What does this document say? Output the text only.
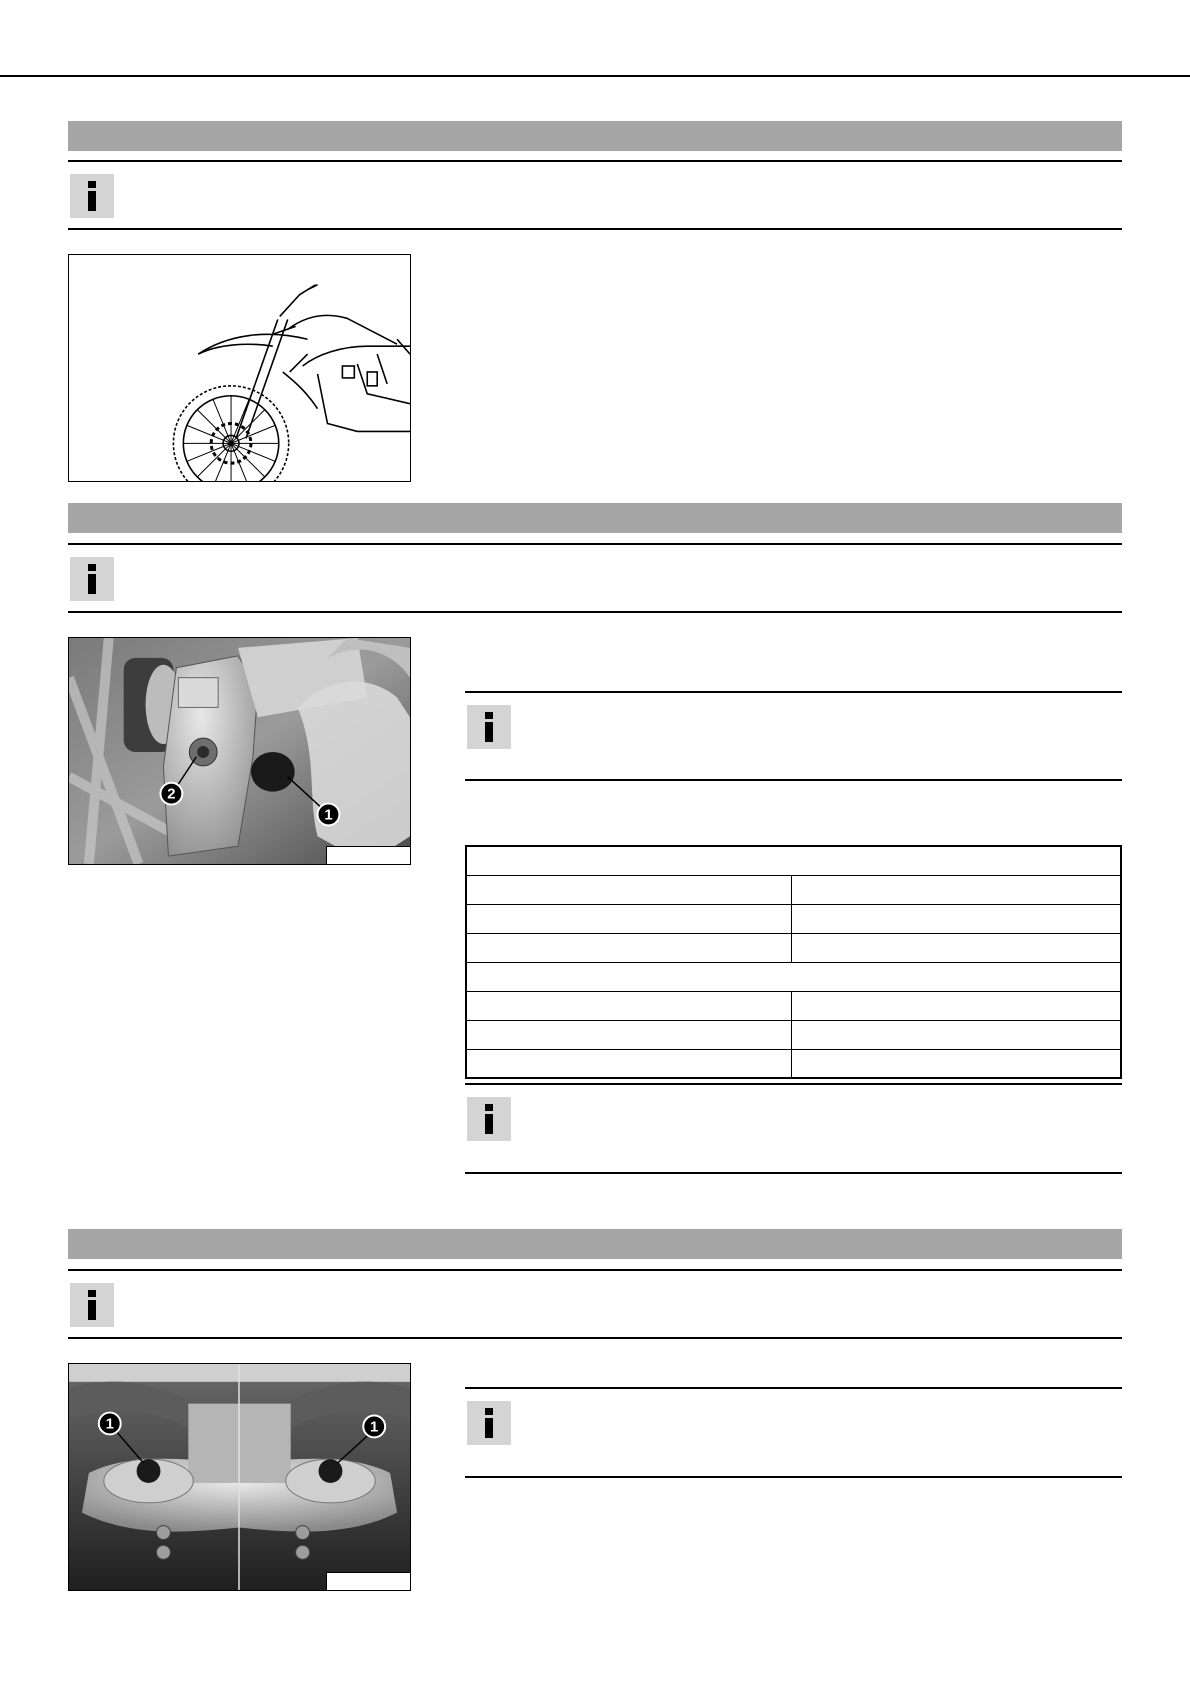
2
1

1	1
